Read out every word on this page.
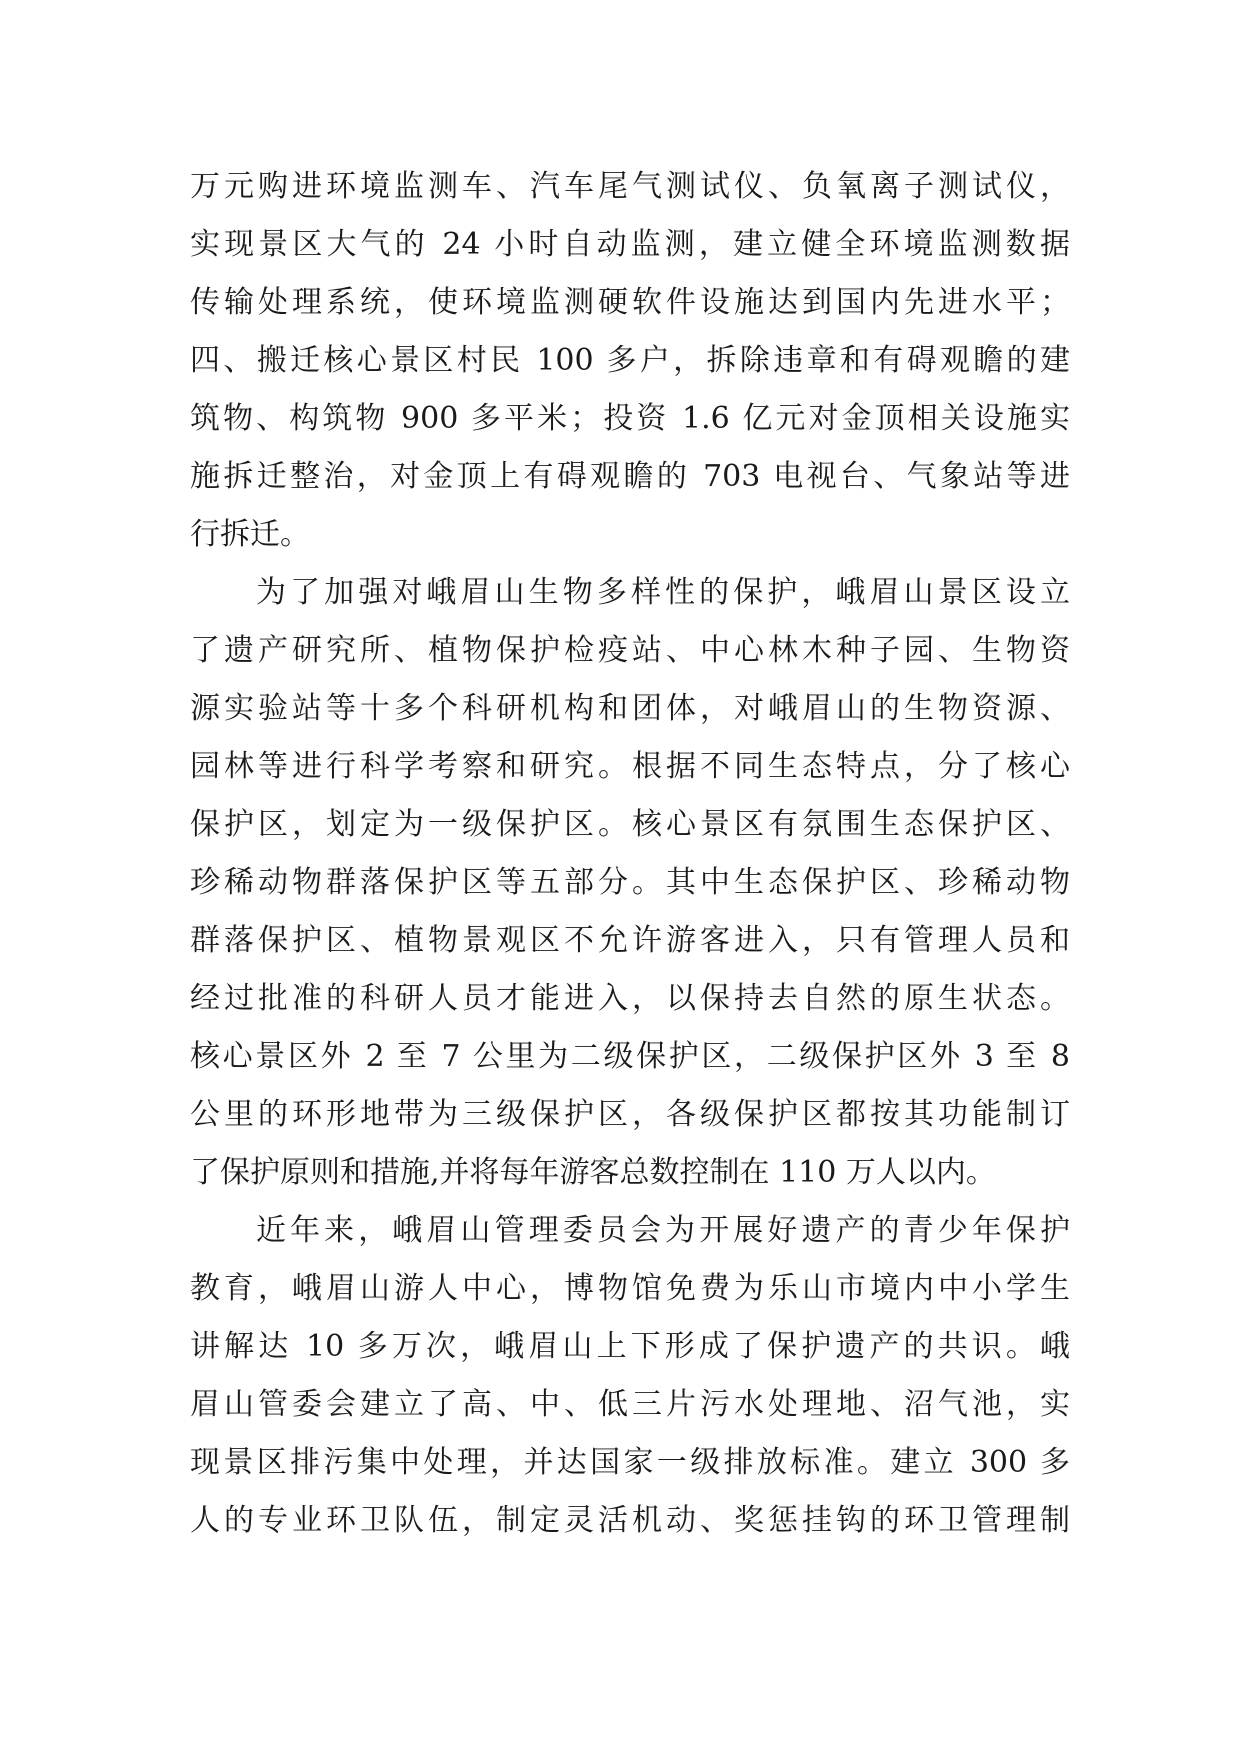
万元购进环境监测车、汽车尾气测试仪、负氧离子测试仪，
实现景区大气的 24 小时自动监测，建立健全环境监测数据
传输处理系统，使环境监测硬软件设施达到国内先进水平；
四、搬迁核心景区村民 100 多户，拆除违章和有碍观瞻的建
筑物、构筑物 900 多平米；投资 1.6 亿元对金顶相关设施实
施拆迁整治，对金顶上有碍观瞻的 703 电视台、气象站等进
行拆迁。
为了加强对峨眉山生物多样性的保护，峨眉山景区设立
了遗产研究所、植物保护检疫站、中心林木种子园、生物资
源实验站等十多个科研机构和团体，对峨眉山的生物资源、
园林等进行科学考察和研究。根据不同生态特点，分了核心
保护区，划定为一级保护区。核心景区有氛围生态保护区、
珍稀动物群落保护区等五部分。其中生态保护区、珍稀动物
群落保护区、植物景观区不允许游客进入，只有管理人员和
经过批准的科研人员才能进入，以保持去自然的原生状态。
核心景区外 2 至 7 公里为二级保护区，二级保护区外 3 至 8
公里的环形地带为三级保护区，各级保护区都按其功能制订
了保护原则和措施,并将每年游客总数控制在 110 万人以内。
近年来，峨眉山管理委员会为开展好遗产的青少年保护
教育，峨眉山游人中心，博物馆免费为乐山市境内中小学生
讲解达 10 多万次，峨眉山上下形成了保护遗产的共识。峨
眉山管委会建立了高、中、低三片污水处理地、沼气池，实
现景区排污集中处理，并达国家一级排放标准。建立 300 多
人的专业环卫队伍，制定灵活机动、奖惩挂钩的环卫管理制
